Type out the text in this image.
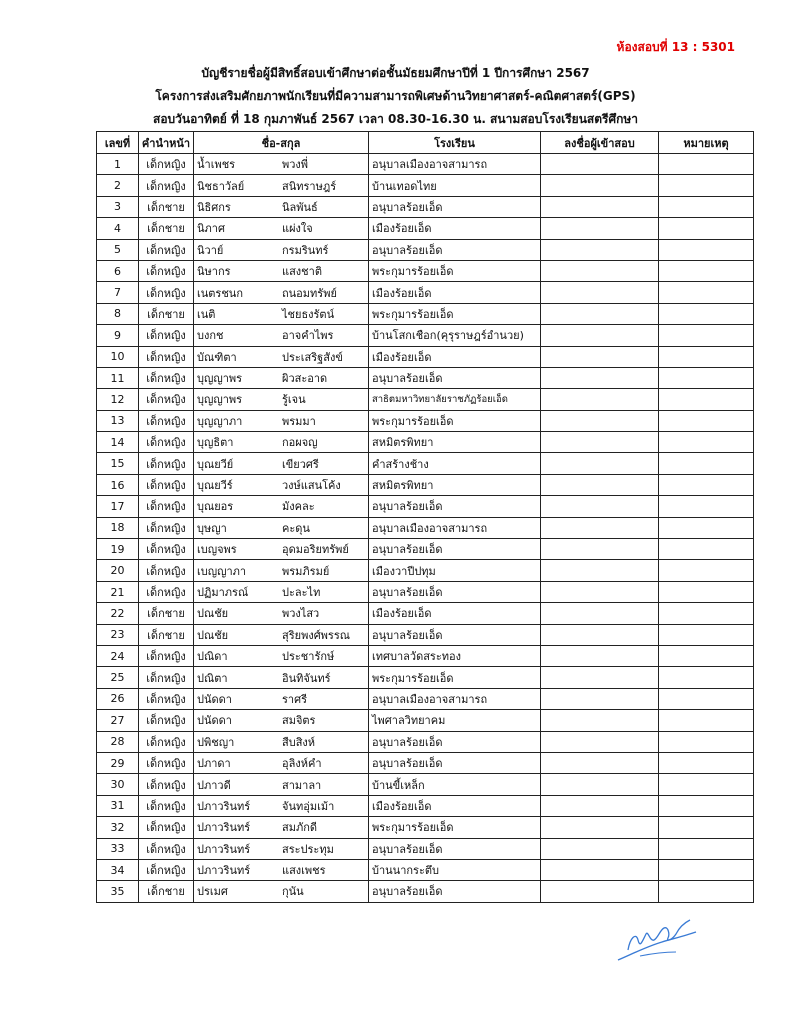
ห้องสอบที่ 13 : 5301
บัญชีรายชื่อผู้มีสิทธิ์สอบเข้าศึกษาต่อชั้นมัธยมศึกษาปีที่ 1 ปีการศึกษา 2567
โครงการส่งเสริมศักยภาพนักเรียนที่มีความสามารถพิเศษด้านวิทยาศาสตร์-คณิตศาสตร์(GPS)
สอบวันอาทิตย์ ที่ 18 กุมภาพันธ์ 2567 เวลา 08.30-16.30 น. สนามสอบโรงเรียนสตรีศึกษา
เลขที่	คำนำหน้า	ชื่อ-สกุล	โรงเรียน	ลงชื่อผู้เข้าสอบ	หมายเหตุ
1	เด็กหญิง	น้ำเพชร พวงพี่	อนุบาลเมืองอาจสามารถ		
2	เด็กหญิง	นิชธาวัลย์ สนิทราษฎร์	บ้านเทอดไทย		
3	เด็กชาย	นิธิศกร นิลพันธ์	อนุบาลร้อยเอ็ด		
4	เด็กชาย	นิภาศ แผ่งใจ	เมืองร้อยเอ็ด		
5	เด็กหญิง	นิวาย์ กรมรินทร์	อนุบาลร้อยเอ็ด		
6	เด็กหญิง	นิษากร แสงชาติ	พระกุมารร้อยเอ็ด		
7	เด็กหญิง	เนตรชนก ถนอมทรัพย์	เมืองร้อยเอ็ด		
8	เด็กชาย	เนติ ไชยธงรัตน์	พระกุมารร้อยเอ็ด		
9	เด็กหญิง	บงกช อาจคำไพร	บ้านโสกเชือก(คุรุราษฎร์อำนวย)		
10	เด็กหญิง	บัณฑิตา ประเสริฐสังข์	เมืองร้อยเอ็ด		
11	เด็กหญิง	บุญญาพร ผิวสะอาด	อนุบาลร้อยเอ็ด		
12	เด็กหญิง	บุญญาพร รู้เจน	สาธิตมหาวิทยาลัยราชภัฏร้อยเอ็ด		
13	เด็กหญิง	บุญญาภา พรมมา	พระกุมารร้อยเอ็ด		
14	เด็กหญิง	บุญธิตา กอผจญ	สหมิตรพิทยา		
15	เด็กหญิง	บุณยวีย์ เขียวศรี	คำสร้างช้าง		
16	เด็กหญิง	บุณยวีร์ วงษ์แสนโค้ง	สหมิตรพิทยา		
17	เด็กหญิง	บุณยอร มังคละ	อนุบาลร้อยเอ็ด		
18	เด็กหญิง	บุษญา คะดุน	อนุบาลเมืองอาจสามารถ		
19	เด็กหญิง	เบญจพร อุดมอริยทรัพย์	อนุบาลร้อยเอ็ด		
20	เด็กหญิง	เบญญาภา พรมภิรมย์	เมืองวาปีปทุม		
21	เด็กหญิง	ปฏิมาภรณ์ ปะละไท	อนุบาลร้อยเอ็ด		
22	เด็กชาย	ปณชัย พวงไสว	เมืองร้อยเอ็ด		
23	เด็กชาย	ปณชัย สุริยพงศ์พรรณ	อนุบาลร้อยเอ็ด		
24	เด็กหญิง	ปณิดา ประชารักษ์	เทศบาลวัดสระทอง		
25	เด็กหญิง	ปณิตา อินทิจันทร์	พระกุมารร้อยเอ็ด		
26	เด็กหญิง	ปนัดดา ราศรี	อนุบาลเมืองอาจสามารถ		
27	เด็กหญิง	ปนัดดา สมจิตร	ไพศาลวิทยาคม		
28	เด็กหญิง	ปพิชญา สืบสิงห์	อนุบาลร้อยเอ็ด		
29	เด็กหญิง	ปภาดา อุลิงห์คำ	อนุบาลร้อยเอ็ด		
30	เด็กหญิง	ปภาวดี สามาลา	บ้านขี้เหล็ก		
31	เด็กหญิง	ปภาวรินทร์ จันทอุ่มเม้า	เมืองร้อยเอ็ด		
32	เด็กหญิง	ปภาวรินทร์ สมภักดี	พระกุมารร้อยเอ็ด		
33	เด็กหญิง	ปภาวรินทร์ สระประทุม	อนุบาลร้อยเอ็ด		
34	เด็กหญิง	ปภาวรินทร์ แสงเพชร	บ้านนากระตึบ		
35	เด็กชาย	ปรเมศ กุนัน	อนุบาลร้อยเอ็ด		
